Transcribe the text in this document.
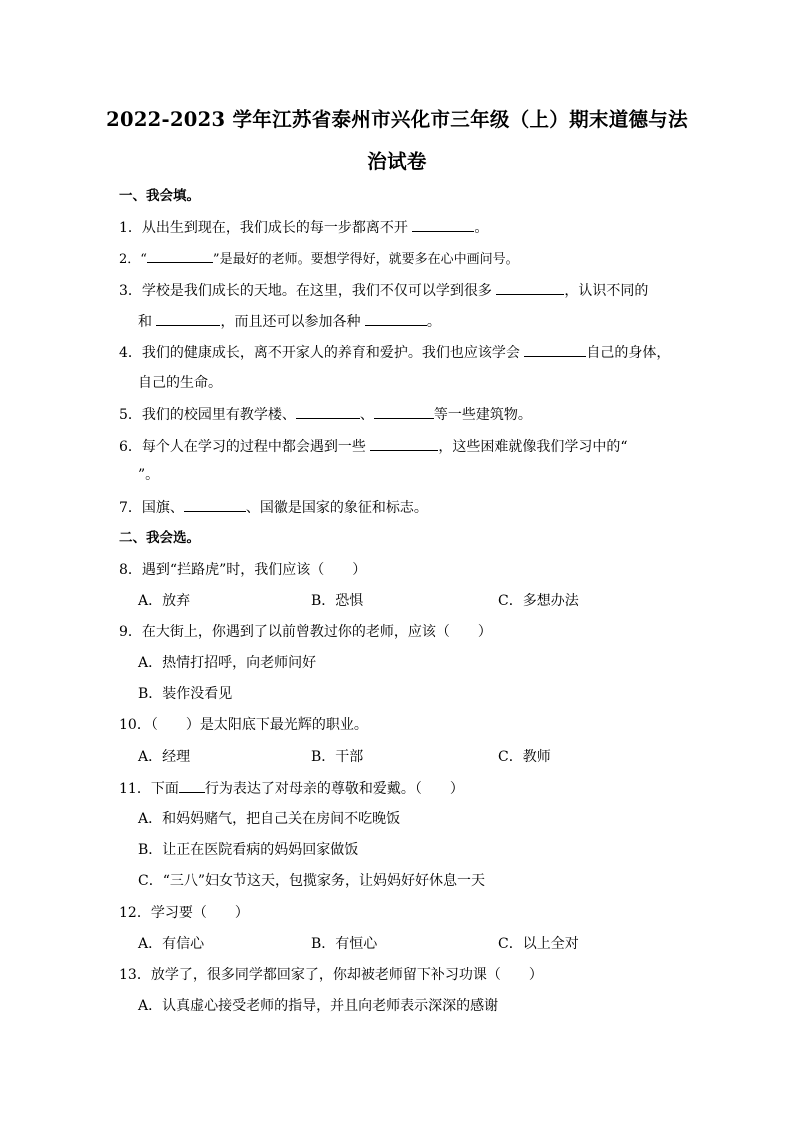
2022-2023 学年江苏省泰州市兴化市三年级（上）期末道德与法
治试卷
一、我会填。
1．从出生到现在，我们成长的每一步都离不开	。
2．“	”是最好的老师。要想学得好，就要多在心中画问号。
3．学校是我们成长的天地。在这里，我们不仅可以学到很多	，认识不同的
和	，而且还可以参加各种	。
4．我们的健康成长，离不开家人的养育和爱护。我们也应该学会	自己的身体，
自己的生命。
5．我们的校园里有教学楼、	、	等一些建筑物。
6．每个人在学习的过程中都会遇到一些	，这些困难就像我们学习中的“
”。
7．国旗、	、国徽是国家的象征和标志。
二、我会选。
8．遇到“拦路虎”时，我们应该（　　）
A．放弃	B．恐惧	C．多想办法
9．在大街上，你遇到了以前曾教过你的老师，应该（　　）
A．热情打招呼，向老师问好
B．装作没看见
10．（　　）是太阳底下最光辉的职业。
A．经理	B．干部	C．教师
11．下面 行为表达了对母亲的尊敬和爱戴。（　　）
A．和妈妈赌气，把自己关在房间不吃晚饭
B．让正在医院看病的妈妈回家做饭
C．“三八”妇女节这天，包揽家务，让妈妈好好休息一天
12．学习要（　　）
A．有信心	B．有恒心	C．以上全对
13．放学了，很多同学都回家了，你却被老师留下补习功课（　　）
A．认真虚心接受老师的指导，并且向老师表示深深的感谢
